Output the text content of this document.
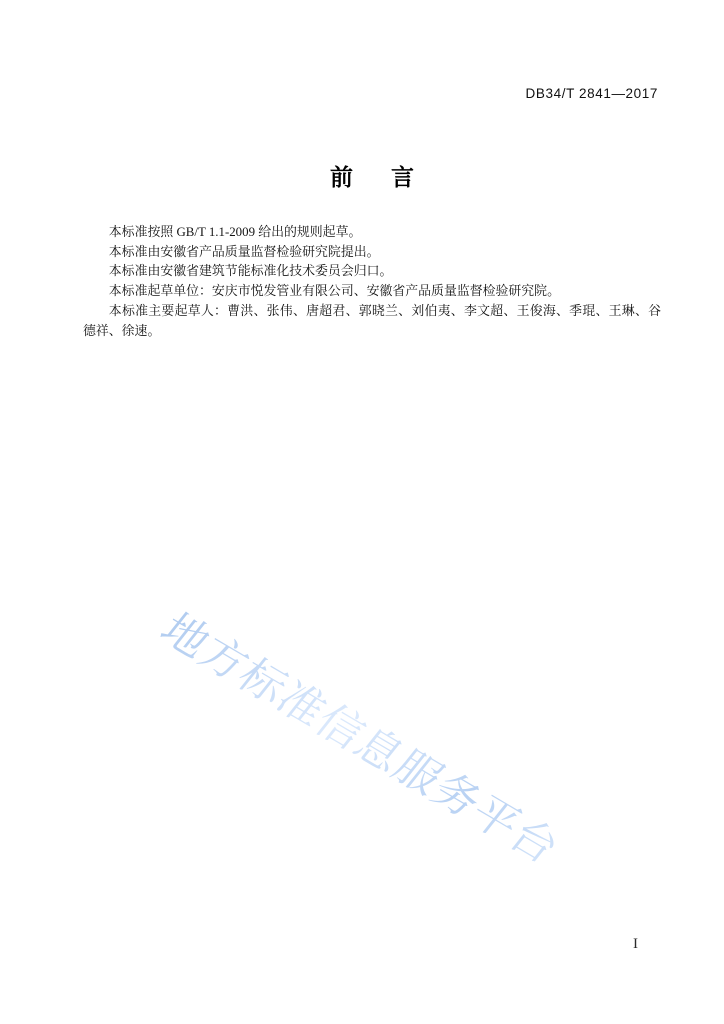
DB34/T 2841—2017
前 言

本标准按照 GB/T 1.1-2009 给出的规则起草。

本标准由安徽省产品质量监督检验研究院提出。

本标准由安徽省建筑节能标准化技术委员会归口。

本标准起草单位：安庆市悦发管业有限公司、安徽省产品质量监督检验研究院。

本标准主要起草人：曹洪、张伟、唐超君、郭晓兰、刘伯夷、李文超、王俊海、季琨、王琳、谷德祥、徐速。

地方标准信息服务平台
I
